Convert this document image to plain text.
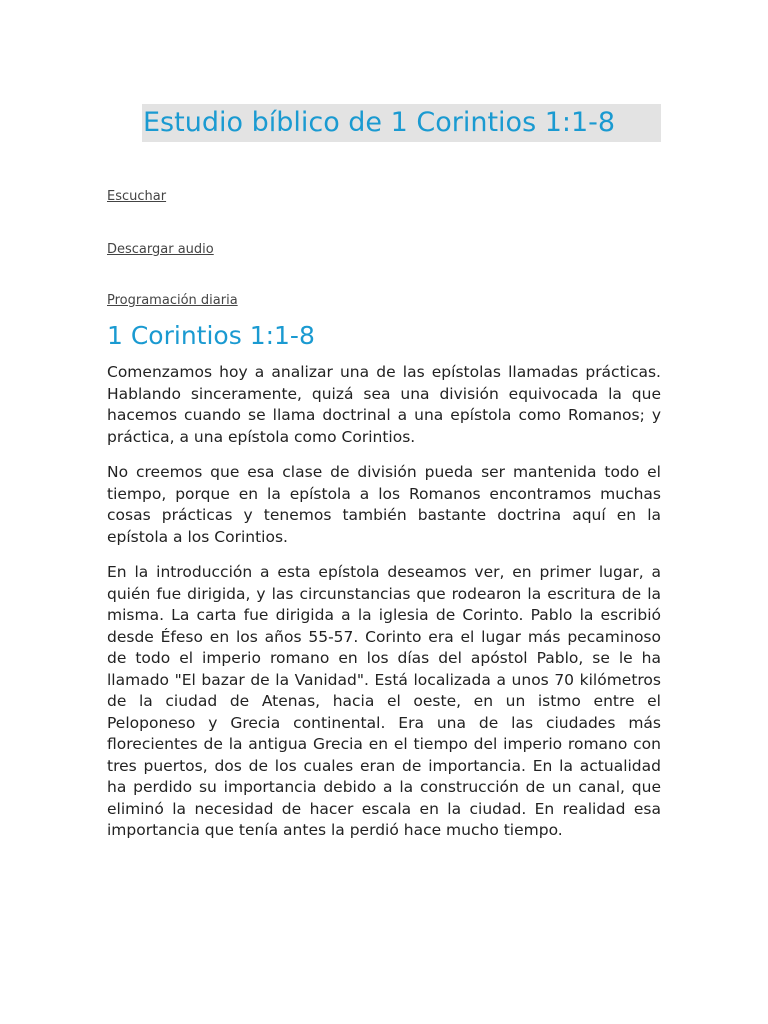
Estudio bíblico de 1 Corintios 1:1-8
Escuchar
Descargar audio
Programación diaria
1 Corintios 1:1-8

Comenzamos hoy a analizar una de las epístolas llamadas prácticas. Hablando sinceramente, quizá sea una división equivocada la que hacemos cuando se llama doctrinal a una epístola como Romanos; y práctica, a una epístola como Corintios.

No creemos que esa clase de división pueda ser mantenida todo el tiempo, porque en la epístola a los Romanos encontramos muchas cosas prácticas y tenemos también bastante doctrina aquí en la epístola a los Corintios.

En la introducción a esta epístola deseamos ver, en primer lugar, a quién fue dirigida, y las circunstancias que rodearon la escritura de la misma. La carta fue dirigida a la iglesia de Corinto. Pablo la escribió desde Éfeso en los años 55-57. Corinto era el lugar más pecaminoso de todo el imperio romano en los días del apóstol Pablo, se le ha llamado "El bazar de la Vanidad". Está localizada a unos 70 kilómetros de la ciudad de Atenas, hacia el oeste, en un istmo entre el Peloponeso y Grecia continental. Era una de las ciudades más florecientes de la antigua Grecia en el tiempo del imperio romano con tres puertos, dos de los cuales eran de importancia. En la actualidad ha perdido su importancia debido a la construcción de un canal, que eliminó la necesidad de hacer escala en la ciudad. En realidad esa importancia que tenía antes la perdió hace mucho tiempo.
